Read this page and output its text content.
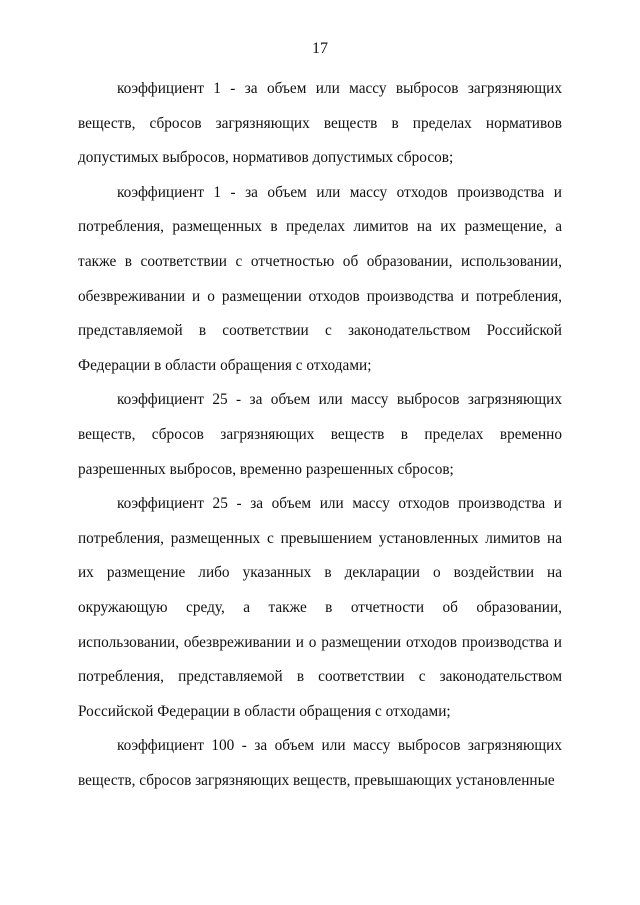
17

коэффициент 1 - за объем или массу выбросов загрязняющих веществ, сбросов загрязняющих веществ в пределах нормативов допустимых выбросов, нормативов допустимых сбросов;

коэффициент 1 - за объем или массу отходов производства и потребления, размещенных в пределах лимитов на их размещение, а также в соответствии с отчетностью об образовании, использовании, обезвреживании и о размещении отходов производства и потребления, представляемой в соответствии с законодательством Российской Федерации в области обращения с отходами;

коэффициент 25 - за объем или массу выбросов загрязняющих веществ, сбросов загрязняющих веществ в пределах временно разрешенных выбросов, временно разрешенных сбросов;

коэффициент 25 - за объем или массу отходов производства и потребления, размещенных с превышением установленных лимитов на их размещение либо указанных в декларации о воздействии на окружающую среду, а также в отчетности об образовании, использовании, обезвреживании и о размещении отходов производства и потребления, представляемой в соответствии с законодательством Российской Федерации в области обращения с отходами;

коэффициент 100 - за объем или массу выбросов загрязняющих веществ, сбросов загрязняющих веществ, превышающих установленные
